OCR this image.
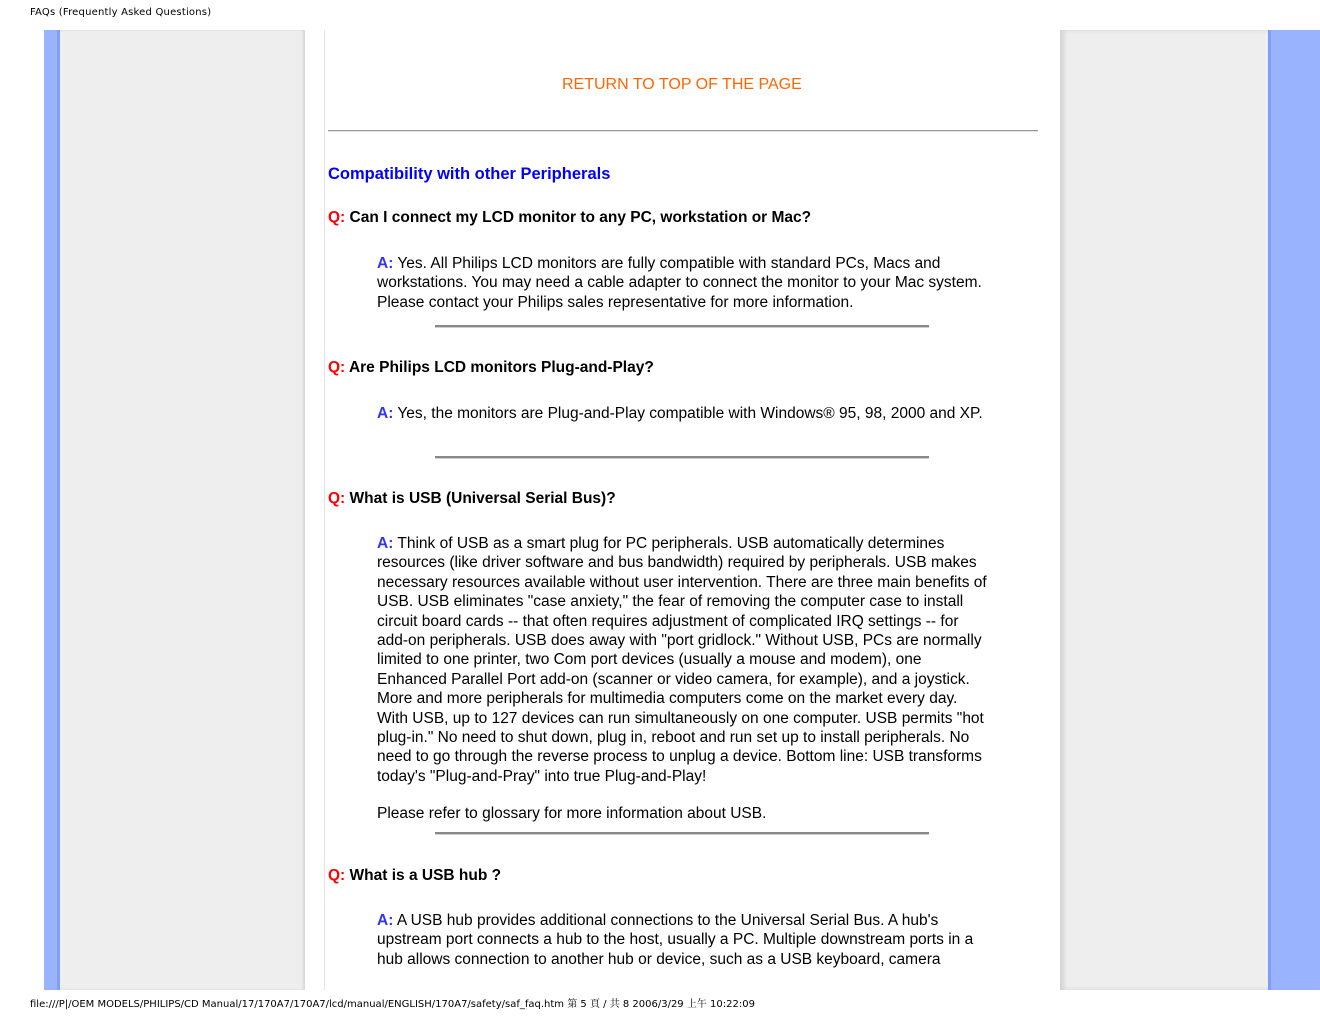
FAQs (Frequently Asked Questions)
RETURN TO TOP OF THE PAGE
Compatibility with other Peripherals
Q: Can I connect my LCD monitor to any PC, workstation or Mac?
A: Yes. All Philips LCD monitors are fully compatible with standard PCs, Macs and workstations. You may need a cable adapter to connect the monitor to your Mac system. Please contact your Philips sales representative for more information.
Q: Are Philips LCD monitors Plug-and-Play?
A: Yes, the monitors are Plug-and-Play compatible with Windows® 95, 98, 2000 and XP.
Q: What is USB (Universal Serial Bus)?
A: Think of USB as a smart plug for PC peripherals. USB automatically determines resources (like driver software and bus bandwidth) required by peripherals. USB makes necessary resources available without user intervention. There are three main benefits of USB. USB eliminates "case anxiety," the fear of removing the computer case to install circuit board cards -- that often requires adjustment of complicated IRQ settings -- for add-on peripherals. USB does away with "port gridlock." Without USB, PCs are normally limited to one printer, two Com port devices (usually a mouse and modem), one Enhanced Parallel Port add-on (scanner or video camera, for example), and a joystick. More and more peripherals for multimedia computers come on the market every day. With USB, up to 127 devices can run simultaneously on one computer. USB permits "hot plug-in." No need to shut down, plug in, reboot and run set up to install peripherals. No need to go through the reverse process to unplug a device. Bottom line: USB transforms today's "Plug-and-Pray" into true Plug-and-Play!
Please refer to glossary for more information about USB.
Q: What is a USB hub ?
A: A USB hub provides additional connections to the Universal Serial Bus. A hub's upstream port connects a hub to the host, usually a PC. Multiple downstream ports in a hub allows connection to another hub or device, such as a USB keyboard, camera
file:///P|/OEM MODELS/PHILIPS/CD Manual/17/170A7/170A7/lcd/manual/ENGLISH/170A7/safety/saf_faq.htm 第 5 頁 / 共 8 2006/3/29 上午 10:22:09
